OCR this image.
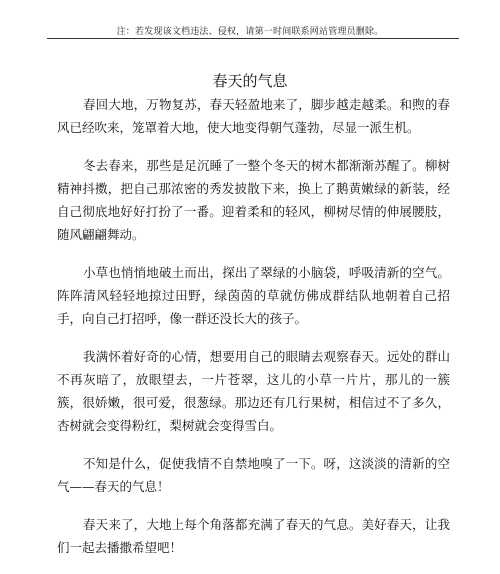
注：若发现该文档违法、侵权，请第一时间联系网站管理员删除。
春天的气息

春回大地，万物复苏，春天轻盈地来了，脚步越走越柔。和煦的春风已经吹来，笼罩着大地，使大地变得朝气蓬勃，尽显一派生机。

冬去春来，那些是足沉睡了一整个冬天的树木都渐渐苏醒了。柳树精神抖擞，把自己那浓密的秀发披散下来，换上了鹅黄嫩绿的新装，经自己彻底地好好打扮了一番。迎着柔和的轻风，柳树尽情的伸展腰肢，随风翩翩舞动。

小草也悄悄地破土而出，探出了翠绿的小脑袋，呼吸清新的空气。阵阵清风轻轻地掠过田野，绿茵茵的草就仿佛成群结队地朝着自己招手，向自己打招呼，像一群还没长大的孩子。

我满怀着好奇的心情，想要用自己的眼睛去观察春天。远处的群山不再灰暗了，放眼望去，一片苍翠，这儿的小草一片片，那儿的一簇簇，很娇嫩，很可爱，很葱绿。那边还有几行果树，相信过不了多久，杏树就会变得粉红，梨树就会变得雪白。

不知是什么，促使我情不自禁地嗅了一下。呀，这淡淡的清新的空气——春天的气息！

春天来了，大地上每个角落都充满了春天的气息。美好春天，让我们一起去播撒希望吧！
